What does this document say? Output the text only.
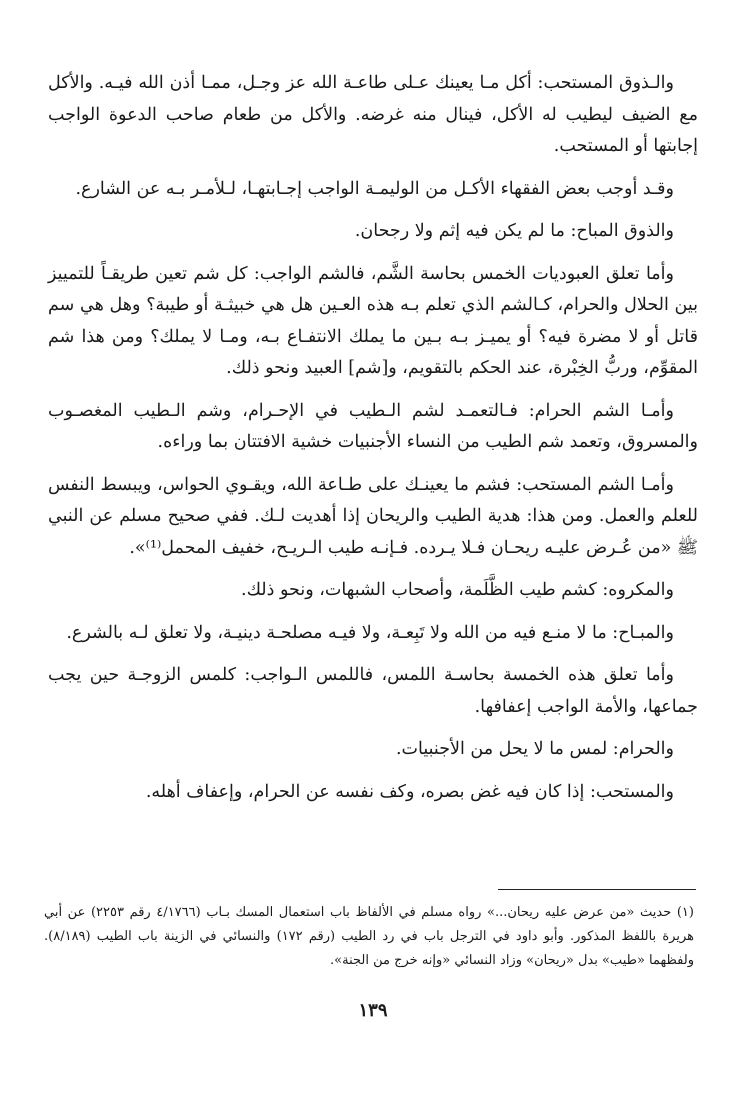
والـذوق المستحب: أكل مـا يعينك عـلى طاعـة الله عز وجـل، ممـا أذن الله فيـه. والأكل مع الضيف ليطيب له الأكل، فينال منه غرضه. والأكل من طعام صاحب الدعوة الواجب إجابتها أو المستحب.

وقـد أوجب بعض الفقهاء الأكـل من الوليمـة الواجب إجـابتهـا، لـلأمـر بـه عن الشارع.

والذوق المباح: ما لم يكن فيه إثم ولا رجحان.

وأما تعلق العبوديات الخمس بحاسة الشَّم، فالشم الواجب: كل شم تعين طريقـاً للتمييز بين الحلال والحرام، كـالشم الذي تعلم بـه هذه العـين هل هي خبيثـة أو طيبة؟ وهل هي سم قاتل أو لا مضرة فيه؟ أو يميـز بـه بـين ما يملك الانتفـاع بـه، ومـا لا يملك؟ ومن هذا شم المقوِّم، وربُّ الخِبْرة، عند الحكم بالتقويم، و[شم] العبيد ونحو ذلك.

وأمـا الشم الحرام: فـالتعمـد لشم الـطيب في الإحـرام، وشم الـطيب المغصـوب والمسروق، وتعمد شم الطيب من النساء الأجنبيات خشية الافتتان بما وراءه.

وأمـا الشم المستحب: فشم ما يعينـك على طـاعة الله، ويقـوي الحواس، ويبسط النفس للعلم والعمل. ومن هذا: هدية الطيب والريحان إذا أهديت لـك. ففي صحيح مسلم عن النبي ﷺ «من عُـرض عليـه ريحـان فـلا يـرده. فـإنـه طيب الـريـح، خفيف المحمل⁽¹⁾».

والمكروه: كشم طيب الظَّلَمة، وأصحاب الشبهات، ونحو ذلك.

والمبـاح: ما لا منـع فيه من الله ولا تَبِعـة، ولا فيـه مصلحـة دينيـة، ولا تعلق لـه بالشرع.

وأما تعلق هذه الخمسة بحاسـة اللمس، فاللمس الـواجب: كلمس الزوجـة حين يجب جماعها، والأمة الواجب إعفافها.

والحرام: لمس ما لا يحل من الأجنبيات.

والمستحب: إذا كان فيه غض بصره، وكف نفسه عن الحرام، وإعفاف أهله.

(١) حديث «من عرض عليه ريحان...» رواه مسلم في الألفاظ باب استعمال المسك بـاب (٤/١٧٦٦ رقم ٢٢٥٣) عن أبي هريرة باللفظ المذكور. وأبو داود في الترجل باب في رد الطيب (رقم ١٧٢) والنسائي في الزينة باب الطيب (٨/١٨٩). ولفظهما «طيب» بدل «ريحان» وزاد النسائي «وإنه خرج من الجنة».

١٣٩
